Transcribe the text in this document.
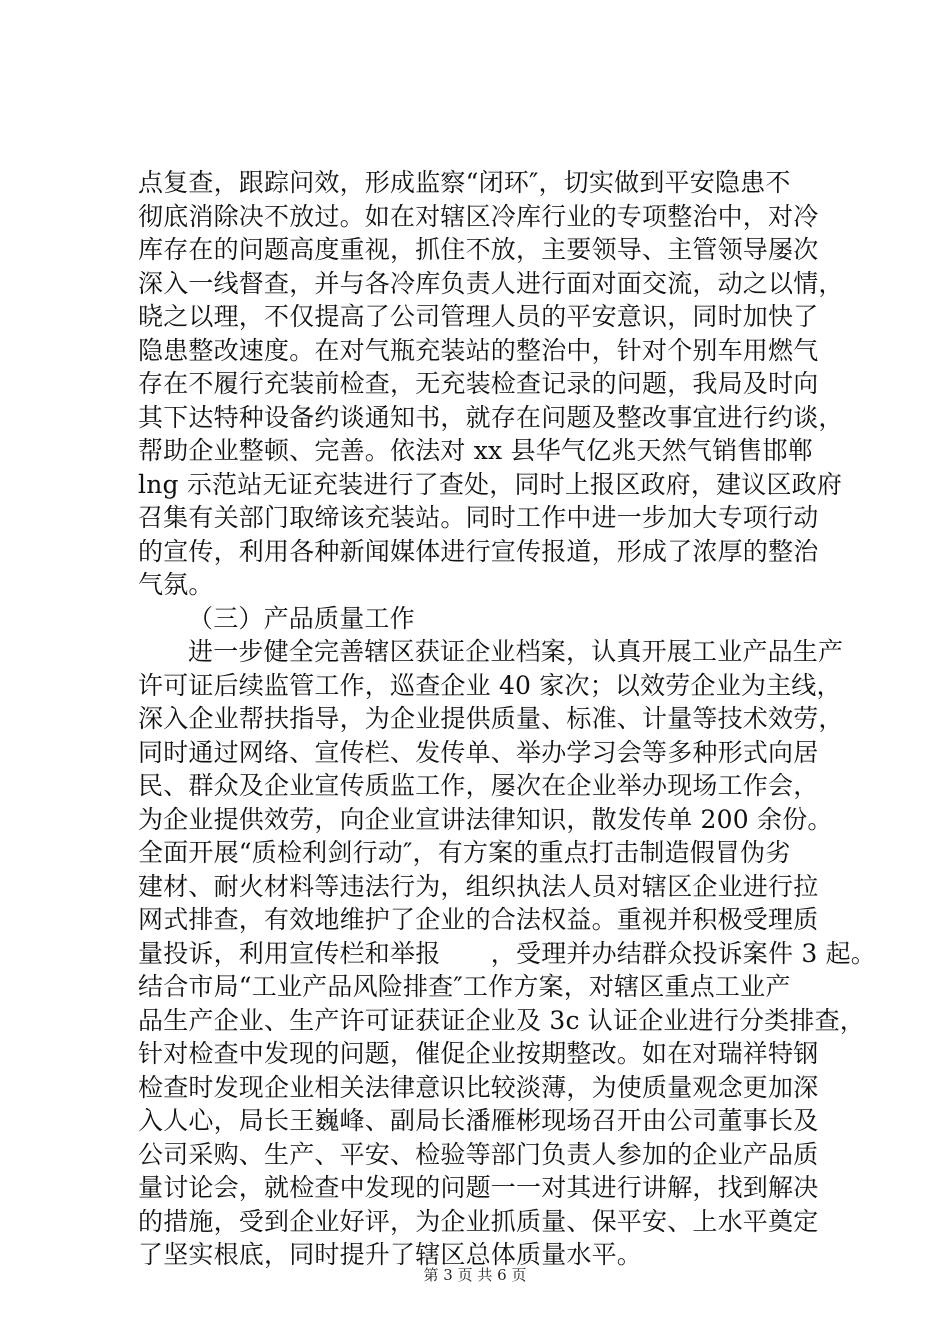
点复查，跟踪问效，形成监察“闭环″，切实做到平安隐患不
彻底消除决不放过。如在对辖区冷库行业的专项整治中，对冷
库存在的问题高度重视，抓住不放，主要领导、主管领导屡次
深入一线督查，并与各冷库负责人进行面对面交流，动之以情，
晓之以理，不仅提高了公司管理人员的平安意识，同时加快了
隐患整改速度。在对气瓶充装站的整治中，针对个别车用燃气
存在不履行充装前检查，无充装检查记录的问题，我局及时向
其下达特种设备约谈通知书，就存在问题及整改事宜进行约谈，
帮助企业整顿、完善。依法对 xx 县华气亿兆天然气销售邯郸
lng 示范站无证充装进行了查处，同时上报区政府，建议区政府
召集有关部门取缔该充装站。同时工作中进一步加大专项行动
的宣传，利用各种新闻媒体进行宣传报道，形成了浓厚的整治
气氛。
（三）产品质量工作
进一步健全完善辖区获证企业档案，认真开展工业产品生产
许可证后续监管工作，巡查企业 40 家次；以效劳企业为主线，
深入企业帮扶指导，为企业提供质量、标准、计量等技术效劳，
同时通过网络、宣传栏、发传单、举办学习会等多种形式向居
民、群众及企业宣传质监工作，屡次在企业举办现场工作会，
为企业提供效劳，向企业宣讲法律知识，散发传单 200 余份。
全面开展“质检利剑行动″，有方案的重点打击制造假冒伪劣
建材、耐火材料等违法行为，组织执法人员对辖区企业进行拉
网式排查，有效地维护了企业的合法权益。重视并积极受理质
量投诉，利用宣传栏和举报　　，受理并办结群众投诉案件 3 起。
结合市局“工业产品风险排查″工作方案，对辖区重点工业产
品生产企业、生产许可证获证企业及 3c 认证企业进行分类排查，
针对检查中发现的问题，催促企业按期整改。如在对瑞祥特钢
检查时发现企业相关法律意识比较淡薄，为使质量观念更加深
入人心，局长王巍峰、副局长潘雁彬现场召开由公司董事长及
公司采购、生产、平安、检验等部门负责人参加的企业产品质
量讨论会，就检查中发现的问题一一对其进行讲解，找到解决
的措施，受到企业好评，为企业抓质量、保平安、上水平奠定
了坚实根底，同时提升了辖区总体质量水平。
第 3 页 共 6 页
